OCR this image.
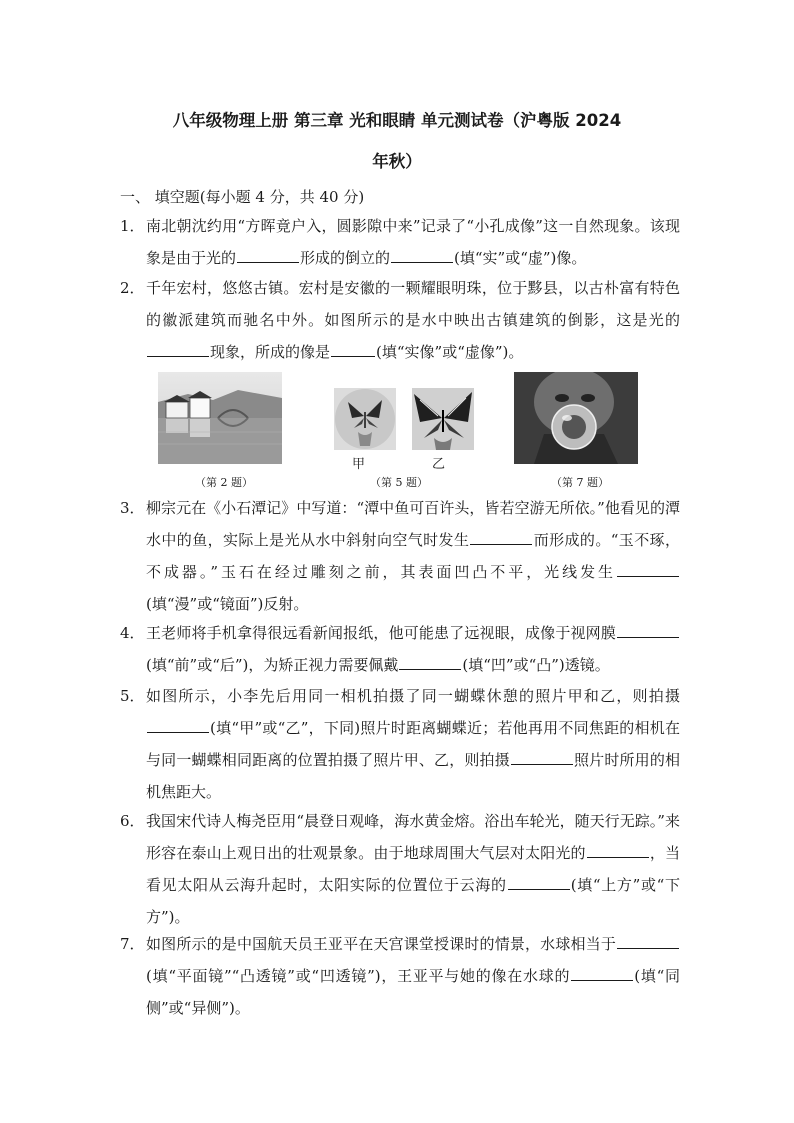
八年级物理上册 第三章 光和眼睛 单元测试卷（沪粤版 2024
年秋）
一、 填空题(每小题 4 分，共 40 分)
1． 南北朝沈约用“方晖竟户入，圆影隙中来”记录了“小孔成像”这一自然现象。该现象是由于光的	形成的倒立的	(填“实”或“虚”)像。
2． 千年宏村，悠悠古镇。宏村是安徽的一颗耀眼明珠，位于黟县，以古朴富有特色的徽派建筑而驰名中外。如图所示的是水中映出古镇建筑的倒影，这是光的现象，所成的像是	(填“实像”或“虚像”)。
（第 2 题）
甲	乙
（第 5 题）	（第 7 题）
3． 柳宗元在《小石潭记》中写道：“潭中鱼可百许头，皆若空游无所依。”他看见的潭水中的鱼，实际上是光从水中斜射向空气时发生	而形成的。“玉不琢，不成器。”玉石在经过雕刻之前，其表面凹凸不平，光线发生(填“漫”或“镜面”)反射。
4． 王老师将手机拿得很远看新闻报纸，他可能患了远视眼，成像于视网膜(填“前”或“后”)，为矫正视力需要佩戴	(填“凹”或“凸”)透镜。
5． 如图所示，小李先后用同一相机拍摄了同一蝴蝶休憩的照片甲和乙，则拍摄(填“甲”或“乙”，下同)照片时距离蝴蝶近；若他再用不同焦距的相机在与同一蝴蝶相同距离的位置拍摄了照片甲、乙，则拍摄	照片时所用的相机焦距大。
6． 我国宋代诗人梅尧臣用“晨登日观峰，海水黄金熔。浴出车轮光，随天行无踪。”来形容在泰山上观日出的壮观景象。由于地球周围大气层对太阳光的	，当看见太阳从云海升起时，太阳实际的位置位于云海的	(填“上方”或“下方”)。
7． 如图所示的是中国航天员王亚平在天宫课堂授课时的情景，水球相当于(填“平面镜”“凸透镜”或“凹透镜”)，王亚平与她的像在水球的	(填“同侧”或“异侧”)。
